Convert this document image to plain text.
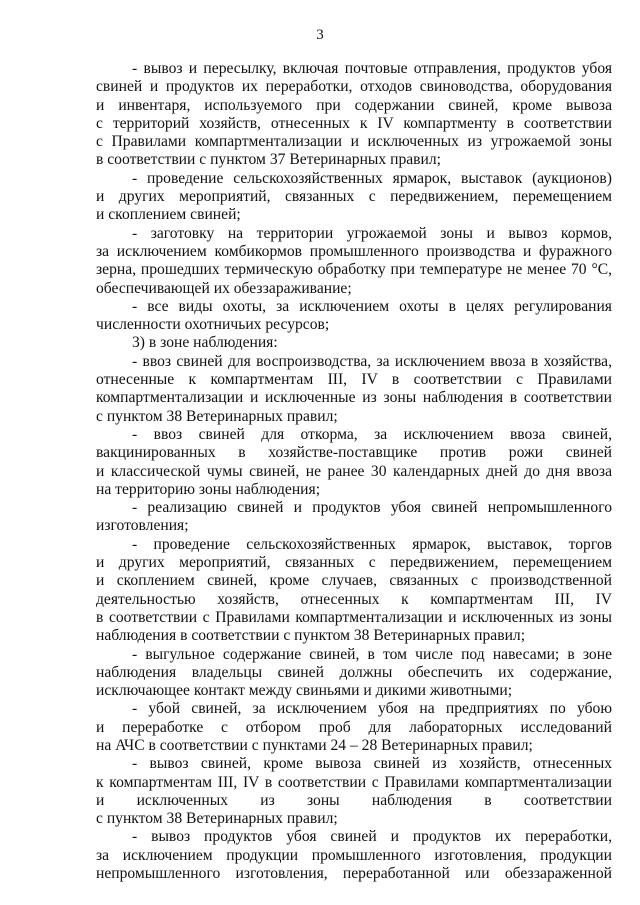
3
- вывоз и пересылку, включая почтовые отправления, продуктов убоя
свиней и продуктов их переработки, отходов свиноводства, оборудования
и инвентаря, используемого при содержании свиней, кроме вывоза
с территорий хозяйств, отнесенных к IV компартменту в соответствии
с Правилами компартментализации и исключенных из угрожаемой зоны
в соответствии с пунктом 37 Ветеринарных правил;
- проведение сельскохозяйственных ярмарок, выставок (аукционов)
и других мероприятий, связанных с передвижением, перемещением
и скоплением свиней;
- заготовку на территории угрожаемой зоны и вывоз кормов,
за исключением комбикормов промышленного производства и фуражного
зерна, прошедших термическую обработку при температуре не менее 70 °С,
обеспечивающей их обеззараживание;
- все виды охоты, за исключением охоты в целях регулирования
численности охотничьих ресурсов;
3) в зоне наблюдения:
- ввоз свиней для воспроизводства, за исключением ввоза в хозяйства,
отнесенные к компартментам III, IV в соответствии с Правилами
компартментализации и исключенные из зоны наблюдения в соответствии
с пунктом 38 Ветеринарных правил;
- ввоз свиней для откорма, за исключением ввоза свиней,
вакцинированных в хозяйстве-поставщике против рожи свиней
и классической чумы свиней, не ранее 30 календарных дней до дня ввоза
на территорию зоны наблюдения;
- реализацию свиней и продуктов убоя свиней непромышленного
изготовления;
- проведение сельскохозяйственных ярмарок, выставок, торгов
и других мероприятий, связанных с передвижением, перемещением
и скоплением свиней, кроме случаев, связанных с производственной
деятельностью хозяйств, отнесенных к компартментам III, IV
в соответствии с Правилами компартментализации и исключенных из зоны
наблюдения в соответствии с пунктом 38 Ветеринарных правил;
- выгульное содержание свиней, в том числе под навесами; в зоне
наблюдения владельцы свиней должны обеспечить их содержание,
исключающее контакт между свиньями и дикими животными;
- убой свиней, за исключением убоя на предприятиях по убою
и переработке с отбором проб для лабораторных исследований
на АЧС в соответствии с пунктами 24 – 28 Ветеринарных правил;
- вывоз свиней, кроме вывоза свиней из хозяйств, отнесенных
к компартментам III, IV в соответствии с Правилами компартментализации
и исключенных из зоны наблюдения в соответствии
с пунктом 38 Ветеринарных правил;
- вывоз продуктов убоя свиней и продуктов их переработки,
за исключением продукции промышленного изготовления, продукции
непромышленного изготовления, переработанной или обеззараженной
